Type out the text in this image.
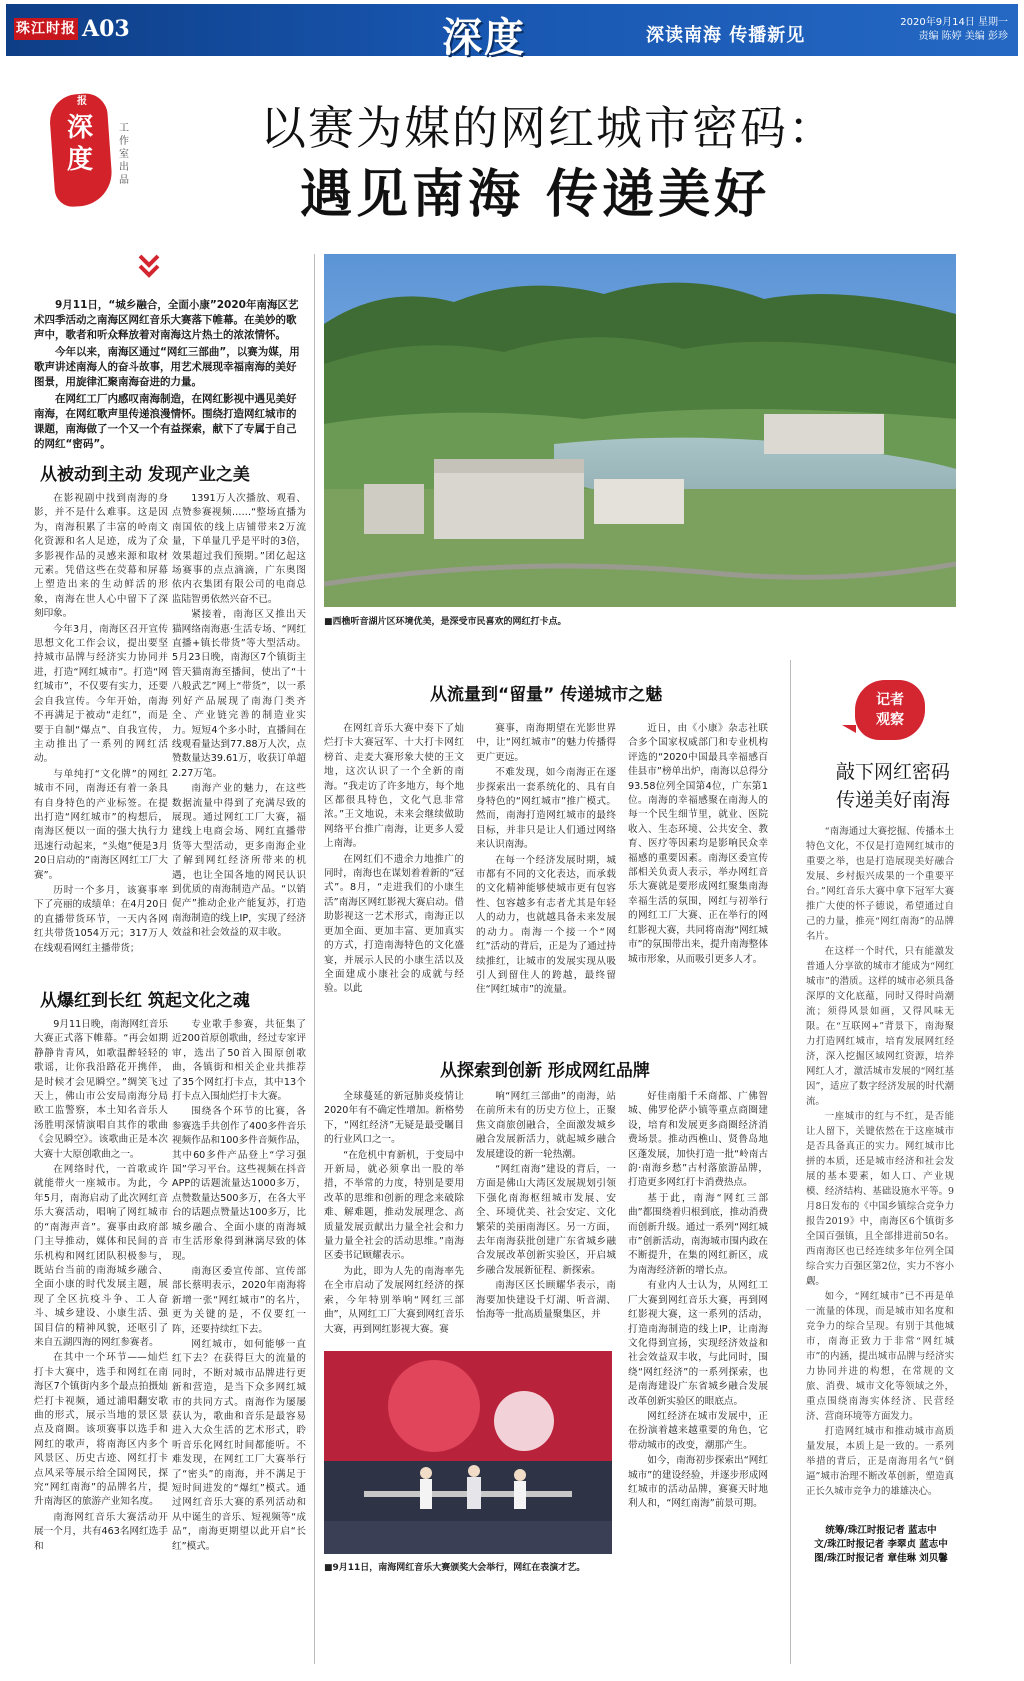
珠江时报 A03	深度	深读南海 传播新见
2020年9月14日 星期一
责编 陈婷 美编 彭珍
时报
深度
工作室出品
以赛为媒的网红城市密码：
遇见南海 传递美好

9月11日，“城乡融合，全面小康”2020年南海区艺术四季活动之南海区网红音乐大赛落下帷幕。在美妙的歌声中，歌者和听众释放着对南海这片热土的浓浓情怀。

今年以来，南海区通过“网红三部曲”，以赛为媒，用歌声讲述南海人的奋斗故事，用艺术展现幸福南海的美好图景，用旋律汇聚南海奋进的力量。

在网红工厂内感叹南海制造，在网红影视中遇见美好南海，在网红歌声里传递浪漫情怀。围绕打造网红城市的课题，南海做了一个又一个有益探索，献下了专属于自己的网红“密码”。

从被动到主动 发现产业之美

在影视剧中找到南海的身影，并不是什么难事。这是因为，南海积累了丰富的岭南文化资源和名人足迹，成为了众多影视作品的灵感来源和取材元素。凭借这些在荧幕和屏幕上塑造出来的生动鲜活的形象，南海在世人心中留下了深刻印象。

今年3月，南海区召开宣传思想文化工作会议，提出要坚持城市品牌与经济实力协同并进，打造“网红城市”。打造“网红城市”，不仅要有实力，还要会自我宣传。今年开始，南海不再满足于被动“走红”，而是要于自制“爆点”、自我宣传，主动推出了一系列的网红活动。

与单纯打“文化牌”的网红城市不同，南海还有着一条具有自身特色的产业标签。在提出打造“网红城市”的构想后，南海区便以一面的强大执行力迅速行动起来，“头炮”便是3月20日启动的“南海区网红工厂大赛”。

历时一个多月，该赛事率下了亮丽的成绩单：在4月20日的直播带货环节，一天内各网红共带货1054万元；317万人在线观看网红主播带货；

1391万人次播放、观看、点赞参赛视频……“整场直播为南国依的线上店铺带来2万流量，下单量几乎是平时的3倍，效果超过我们预期。”团亿起这场赛事的点点滴滴，广东奥图依内衣集团有限公司的电商总监陆智勇依然兴奋不已。

紧接着，南海区又推出天猫网络南海惠·生活专场、“网红直播+镇长带货”等大型活动。5月23日晚，南海区7个镇街主管天猫南海至播间，使出了“十八般武艺”网上“带货”，以一系列好产品展现了南海门类齐全、产业链完善的制造业实力。短短4个多小时，直播间在线观看量达到77.88万人次，点赞数量达39.61万，收获订单超2.27万笔。

南海产业的魅力，在这些数据流量中得到了充满尽致的展现。通过网红工厂大赛，福建线上电商会场、网红直播带货等大型活动，更多南海企业了解到网红经济所带来的机遇，也让全国各地的网民认识到优质的南海制造产品。“以销促产”推动企业产能复苏，打造南海制造的线上IP，实现了经济效益和社会效益的双丰收。

从爆红到长红 筑起文化之魂

9月11日晚，南海网红音乐大赛正式落下帷幕。“再会如期静静肯青风，如歌温醉轻轻的歌谣，让你我沿路花开携伴，是时候才会见瞬空。”绸笑飞过天上，佛山市公安局南海分局欧工监警察，本土知名音乐人汤胜明深情演唱自其作的歌曲《会见瞬空》。该歌曲正是本次大赛十大原创歌曲之一。

在网络时代，一首歌或许就能带火一座城市。为此，今年5月，南海启动了此次网红音乐大赛活动，唱响了网红城市的“南海声音”。赛事由政府部门主导推动，媒体和民间的音乐机构和网红团队积极参与，既站台当前的南海城乡融合、全面小康的时代发展主题，展现了全区抗疫斗争、工人奋斗、城乡建设、小康生活、强国目信的精神风貌，还呕引了来自五湖四海的网红参赛者。

在其中一个环节——灿烂打卡大赛中，选手和网红在南海区7个镇街内多个最点拍摄灿烂打卡视频，通过浦唱翻安歌曲的形式，展示当地的景区景点及商圈。该项赛事以选手和网红的歌声，将南海区内多个风景区、历史古迹、网红打卡点风采等展示给全国网民，探究“网红南海”的品牌名片，提升南海区的旅游产业知名度。

南海网红音乐大赛活动开展一个月，共有463名网红选手和

专业歌手参赛，共征集了近200首原创歌曲，经过专家评审，选出了50首入围原创歌曲，各镇街和相关企业共推荐了35个网红打卡点，其中13个打卡点入围灿烂打卡大赛。

围绕各个环节的比赛，各参赛选手共创作了400多件音乐视频作品和100多件音频作品，其中60多件产品登上“学习强国”学习平台。这些视频在抖音APP的话题流量达1000多万，点赞数量达500多万，在各大平台的话题点赞量达100多万，比城乡融合、全面小康的南海城市生活形象得到淋漓尽致的体现。

南海区委宣传部、宣传部部长蔡明表示，2020年南海将新增一张“网红城市”的名片，更为关键的是，不仅要红一阵，还要持续红下去。

网红城市，如何能够一直红下去？在获得巨大的流量的同时，不断对城市品牌进行更新和营造，是当下众多网红城市的共同方式。南海作为屡屡获认为，歌曲和音乐是最容易进入大众生活的艺术形式，聆听音乐化网红时间都能听。不难发现，在网红工厂大赛举行了“密头”的南海，并不满足于短时间进发的“爆红”模式。通过网红音乐大赛的系列活动和从中诞生的音乐、短视频等“成品”，南海更期望以此开启“长红”模式。

■西樵听音湖片区环境优美，是深受市民喜欢的网红打卡点。
从流量到“留量” 传递城市之魅

在网红音乐大赛中奏下了灿烂打卡大赛冠军、十大打卡网红榜首、走麦大赛形象大使的王文地，这次认识了一个全新的南海。“我走访了许多地方，每个地区都很具特色，文化气息非常浓。”王文地说，未来会继续做助网络平台推广南海，让更多人爱上南海。

在网红们不遗余力地推广的同时，南海也在谋划着着新的“冠式”。8月，“走进我们的小康生活”南海区网红影视大赛启动。借助影视这一艺术形式，南海正以更加全面、更加丰富、更加真实的方式，打造南海特色的文化盛宴，并展示人民的小康生活以及全面建成小康社会的成就与经验。以此

赛事，南海期望在光影世界中，让“网红城市”的魅力传播得更广更远。

不难发现，如今南海正在逐步探索出一套系统化的、具有自身特色的“网红城市”推广模式。然而，南海打造网红城市的最终目标，并非只是让人们通过网络来认识南海。

在每一个经济发展时期，城市都有不同的文化表达，而承载的文化精神能够使城市更有包容性、包容越多有志者尤其是年轻人的动力，也就越具备未来发展的动力。南海一个接一个“网红”活动的背后，正是为了通过持续推红，让城市的发展实现从吸引人到留住人的跨越，最终留住“网红城市”的流量。

近日，由《小康》杂志社联合多个国家权威部门和专业机构评选的“2020中国最具幸福感百佳县市”榜单出炉，南海以总得分93.58位列全国第4位，广东第1位。南海的幸福感聚在南海人的每一个民生细节里，就业、医院收入、生态环境、公共安全、教育、医疗等因素均是影响民众幸福感的重要因素。南海区委宣传部相关负责人表示，举办网红音乐大赛就是要形成网红聚集南海幸福生活的氛围，网红与初举行的网红工厂大赛、正在举行的网红影视大赛，共同将南海“网红城市”的氛围带出来，提升南海整体城市形象，从而吸引更多人才。

从探索到创新 形成网红品牌

全球蔓延的新冠肺炎疫情让2020年有不确定性增加。新格势下，“网红经济”无疑是最受瞩目的行业风口之一。

“在危机中育新机，于变局中开新局，就必须拿出一股的举措，不举常的力度，特别是要用改革的思维和创新的理念来破除难、解难题，推动发展理念、高质量发展贡献出力量全社会和力量力量全社会的活动思维。”南海区委书记顾耀表示。

为此，即为人先的南海率先在全市启动了发展网红经济的探索，今年特别举响“网红三部曲”，从网红工厂大赛到网红音乐大赛，再到网红影视大赛。赛

响“网红三部曲”的南海，站在前所未有的历史方位上，正聚焦文商旅创融合，全面激发城乡融合发展新活力，就起城乡融合发展建设的新一轮热潮。

“网红南海”建设的背后，一方面是佛山大湾区发展规划引领下强化南海枢纽城市发展、安全、环境优美、社会安定、文化繁荣的美丽南海区。另一方面，去年南海获批创建广东省城乡融合发展改革创新实验区，开启城乡融合发展新征程、新探索。

南海区区长顾耀华表示，南海要加快建设千灯湖、听音湖、怡海等一批高质量聚集区，并

好佳南船千禾商都、广佛智城、佛罗伦萨小镇等重点商圈建设，培育和发展更多商圈经济消费场景。推动西樵山、贤鲁岛地区蓬发展，加快打造一批“岭南古韵·南海乡愁”古村落旅游品牌，打造更多网红打卡消费热点。

基于此，南海“网红三部曲”都围绕着归根到底，推动消费而创新升级。通过一系列“网红城市”创新活动，南海城市围内政在不断提升，在集的网红新区，成为南海经济新的增长点。

有业内人士认为，从网红工厂大赛到网红音乐大赛，再到网红影视大赛，这一系列的活动，打造南海制造的线上IP，让南海文化得到宣扬，实现经济效益和社会效益双丰收，与此同时，围绕“网红经济”的一系列探索，也是南海建设广东省城乡融合发展改革创新实验区的眼底点。

网红经济在城市发展中，正在扮演着越来越重要的角色，它带动城市的改变，潮那产生。

如今，南海初步探索出“网红城市”的建设经验，并逐步形成网红城市的活动品牌，赛赛天时地利人和，“网红南海”前景可期。

■9月11日，南海网红音乐大赛颁奖大会举行，网红在表演才艺。
记者
观察
敲下网红密码
传递美好南海

“南海通过大赛挖掘、传播本土特色文化，不仅是打造网红城市的重要之举，也是打造展现美好融合发展、乡村振兴成果的一个重要平台。”网红音乐大赛中拿下冠军大赛推广大使的怀子德说，希望通过自己的力量，推亮“网红南海”的品牌名片。

在这样一个时代，只有能激发普通人分享欲的城市才能成为“网红城市”的潜质。这样的城市必须具备深厚的文化底蕴，同时又得时尚潮流；须得风景如画，又得风味无限。在“互联网+”背景下，南海聚力打造网红城市，培育发展网红经济，深入挖掘区域网红资源，培养网红人才，激活城市发展的“网红基因”，适应了数字经济发展的时代潮流。

一座城市的红与不红，是否能让人留下，关键依然在于这座城市是否具备真正的实力。网红城市比拼的本质，还是城市经济和社会发展的基本要素，如人口、产业规模、经济结构、基础设施水平等。9月8日发布的《中国乡镇综合竞争力报告2019》中，南海区6个镇街多全国百强镇，且全部排进前50名。西南海区也已经连续多年位列全国综合实力百强区第2位，实力不容小觑。

如今，“网红城市”已不再是单一流量的体现，而是城市知名度和竞争力的综合呈现。有别于其他城市，南海正致力于非常“网红城市”的内涵，提出城市品牌与经济实力协同并进的构想，在常规的文旅、消费、城市文化等领域之外，重点围绕南海实体经济、民营经济、营商环境等方面发力。

打造网红城市和推动城市高质量发展，本质上是一致的。一系列举措的背后，正是南海用名气“倒逼”城市治理不断改革创新，塑造真正长久城市竞争力的雄雄决心。

统筹/珠江时报记者 蓝志中
文/珠江时报记者 李翠贞 蓝志中
图/珠江时报记者 章佳琳 刘贝馨
